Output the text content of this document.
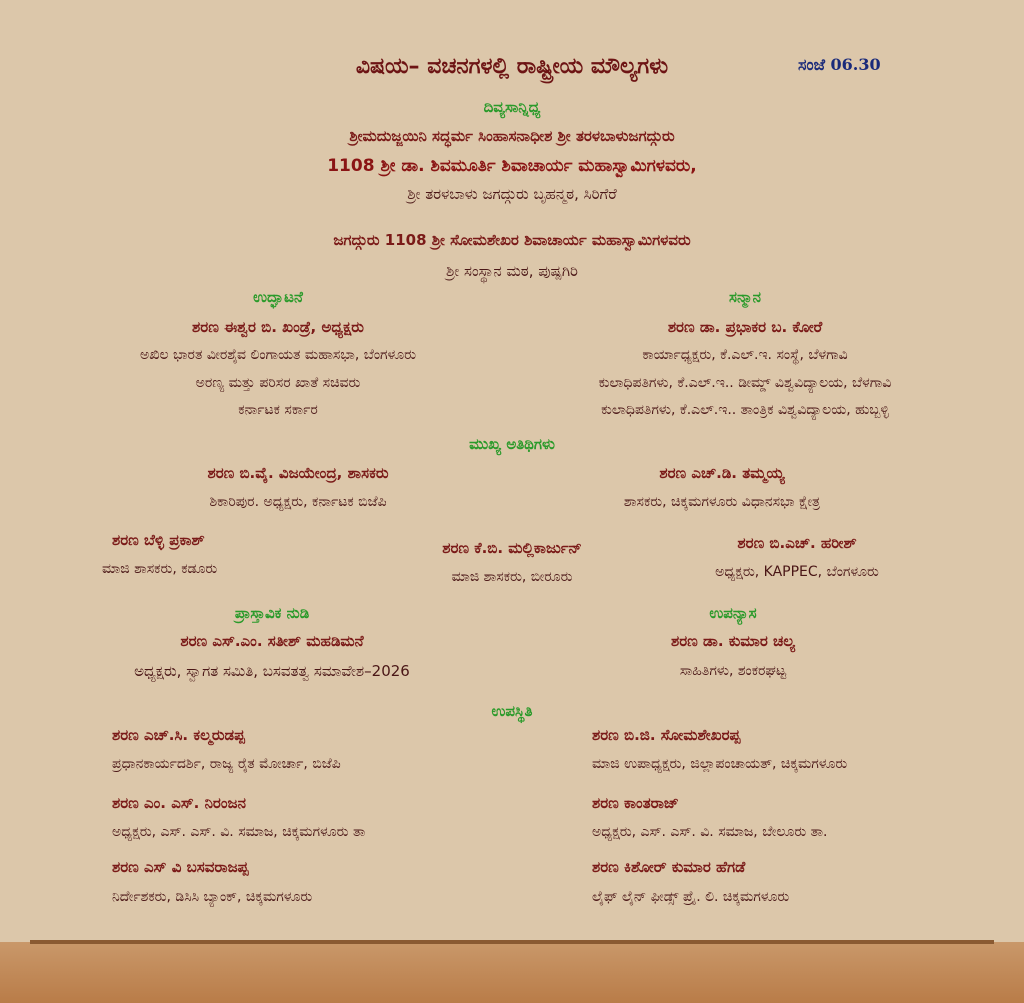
ವಿಷಯ– ವಚನಗಳಲ್ಲಿ ರಾಷ್ಟ್ರೀಯ ಮೌಲ್ಯಗಳು	ಸಂಜೆ 06.30
ದಿವ್ಯಸಾನ್ನಿಧ್ಯ
ಶ್ರೀಮದುಜ್ಜಯಿನಿ ಸದ್ಧರ್ಮ ಸಿಂಹಾಸನಾಧೀಶ ಶ್ರೀ ತರಳಬಾಳುಜಗದ್ಗುರು
1108 ಶ್ರೀ ಡಾ. ಶಿವಮೂರ್ತಿ ಶಿವಾಚಾರ್ಯ ಮಹಾಸ್ವಾಮಿಗಳವರು,
ಶ್ರೀ ತರಳಬಾಳು ಜಗದ್ಗುರು ಬೃಹನ್ಮಠ, ಸಿರಿಗೆರೆ
ಜಗದ್ಗುರು 1108 ಶ್ರೀ ಸೋಮಶೇಖರ ಶಿವಾಚಾರ್ಯ ಮಹಾಸ್ವಾಮಿಗಳವರು
ಶ್ರೀ ಸಂಸ್ಥಾನ ಮಠ, ಪುಷ್ಪಗಿರಿ
ಉದ್ಘಾಟನೆ
ಶರಣ ಈಶ್ವರ ಬಿ. ಖಂಡ್ರೆ, ಅಧ್ಯಕ್ಷರು
ಅಖಿಲ ಭಾರತ ವೀರಶೈವ ಲಿಂಗಾಯತ ಮಹಾಸಭಾ, ಬೆಂಗಳೂರು
ಅರಣ್ಯ ಮತ್ತು ಪರಿಸರ ಖಾತೆ ಸಚಿವರು
ಕರ್ನಾಟಕ ಸರ್ಕಾರ
ಸನ್ಮಾನ
ಶರಣ ಡಾ. ಪ್ರಭಾಕರ ಬ. ಕೋರೆ
ಕಾರ್ಯಾಧ್ಯಕ್ಷರು, ಕೆ.ಎಲ್.ಇ. ಸಂಸ್ಥೆ, ಬೆಳಗಾವಿ
ಕುಲಾಧಿಪತಿಗಳು, ಕೆ.ಎಲ್.ಇ.. ಡೀಮ್ಡ್ ವಿಶ್ವವಿದ್ಯಾಲಯ, ಬೆಳಗಾವಿ
ಕುಲಾಧಿಪತಿಗಳು, ಕೆ.ಎಲ್.ಇ.. ತಾಂತ್ರಿಕ ವಿಶ್ವವಿದ್ಯಾಲಯ, ಹುಬ್ಬಳ್ಳಿ
ಮುಖ್ಯ ಅತಿಥಿಗಳು
ಶರಣ ಬಿ.ವೈ. ವಿಜಯೇಂದ್ರ, ಶಾಸಕರು
ಶಿಕಾರಿಪುರ. ಅಧ್ಯಕ್ಷರು, ಕರ್ನಾಟಕ ಬಿಜೆಪಿ
ಶರಣ ಎಚ್.ಡಿ. ತಮ್ಮಯ್ಯ
ಶಾಸಕರು, ಚಿಕ್ಕಮಗಳೂರು ವಿಧಾನಸಭಾ ಕ್ಷೇತ್ರ
ಶರಣ ಬೆಳ್ಳಿ ಪ್ರಕಾಶ್
ಮಾಜಿ ಶಾಸಕರು, ಕಡೂರು
ಶರಣ ಕೆ.ಬಿ. ಮಲ್ಲಿಕಾರ್ಜುನ್
ಮಾಜಿ ಶಾಸಕರು, ಬೀರೂರು
ಶರಣ ಬಿ.ಎಚ್. ಹರೀಶ್
ಅಧ್ಯಕ್ಷರು, KAPPEC, ಬೆಂಗಳೂರು
ಪ್ರಾಸ್ತಾವಿಕ ನುಡಿ
ಶರಣ ಎಸ್.ಎಂ. ಸತೀಶ್ ಮಹಡಿಮನೆ
ಅಧ್ಯಕ್ಷರು, ಸ್ವಾಗತ ಸಮಿತಿ, ಬಸವತತ್ವ ಸಮಾವೇಶ–2026
ಉಪನ್ಯಾಸ
ಶರಣ ಡಾ. ಕುಮಾರ ಚಲ್ಯ
ಸಾಹಿತಿಗಳು, ಶಂಕರಘಟ್ಟ
ಉಪಸ್ಥಿತಿ
ಶರಣ ಎಚ್.ಸಿ. ಕಲ್ಮರುಡಪ್ಪ
ಪ್ರಧಾನಕಾರ್ಯದರ್ಶಿ, ರಾಜ್ಯ ರೈತ ಮೋರ್ಚಾ, ಬಿಜೆಪಿ
ಶರಣ ಬಿ.ಜಿ. ಸೋಮಶೇಖರಪ್ಪ
ಮಾಜಿ ಉಪಾಧ್ಯಕ್ಷರು, ಜಿಲ್ಲಾಪಂಚಾಯತ್, ಚಿಕ್ಕಮಗಳೂರು
ಶರಣ ಎಂ. ಎಸ್. ನಿರಂಜನ
ಅಧ್ಯಕ್ಷರು, ಎಸ್. ಎಸ್. ವಿ. ಸಮಾಜ, ಚಿಕ್ಕಮಗಳೂರು ತಾ
ಶರಣ ಕಾಂತರಾಜ್
ಅಧ್ಯಕ್ಷರು, ಎಸ್. ಎಸ್. ವಿ. ಸಮಾಜ, ಬೇಲೂರು ತಾ.
ಶರಣ ಎಸ್ ವಿ ಬಸವರಾಜಪ್ಪ
ನಿರ್ದೇಶಕರು, ಡಿಸಿಸಿ ಬ್ಯಾಂಕ್, ಚಿಕ್ಕಮಗಳೂರು
ಶರಣ ಕಿಶೋರ್ ಕುಮಾರ ಹೆಗಡೆ
ಲೈಫ್ ಲೈನ್ ಫೀಡ್ಸ್ ಪ್ರೈ. ಲಿ. ಚಿಕ್ಕಮಗಳೂರು
